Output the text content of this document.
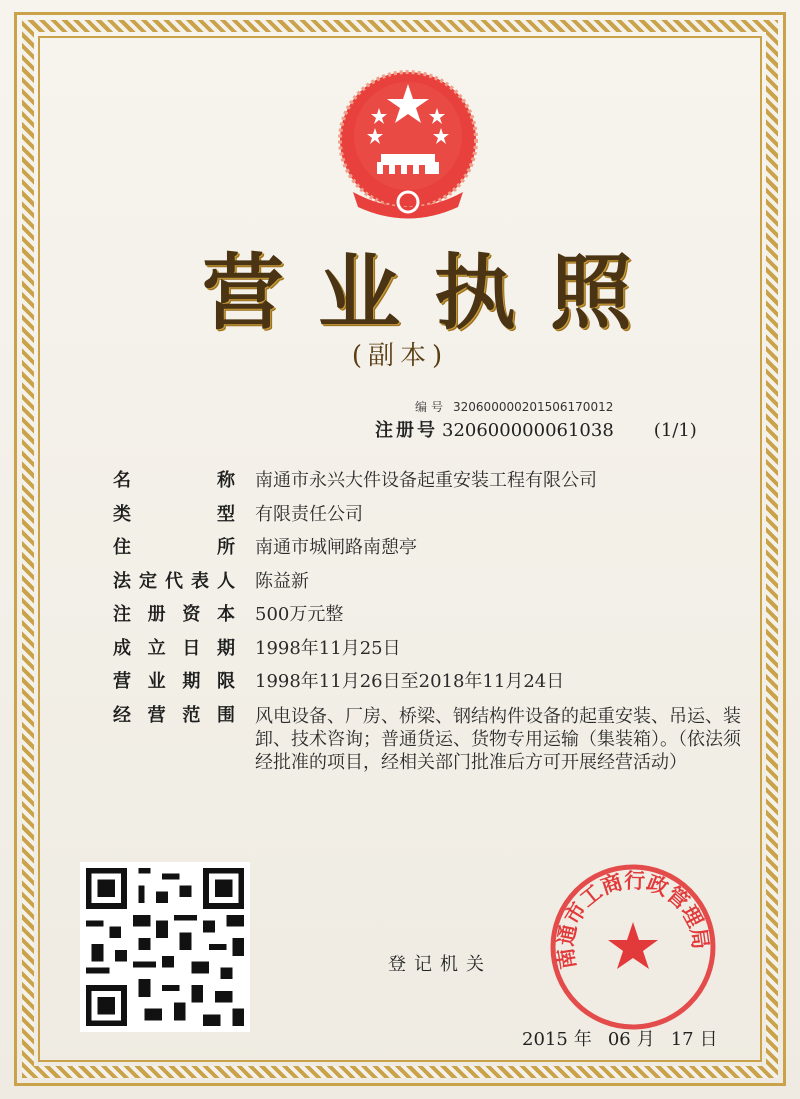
营业执照
(副本)
编号 320600000201506170012
注册号 320600000061038 (1/1)
名	称 南通市永兴大件设备起重安装工程有限公司
类	型 有限责任公司
住	所 南通市城闸路南憩亭
法 定 代 表 人 陈益新
注 册 资 本 500万元整
成 立 日 期 1998年11月25日
营 业 期 限 1998年11月26日至2018年11月24日
经 营 范 围 风电设备、厂房、桥梁、钢结构件设备的起重安装、吊运、装卸、技术咨询；普通货运、货物专用运输（集装箱）。（依法须经批准的项目，经相关部门批准后方可开展经营活动）
登记机关	南通市工商行政管理局
2015 年 06 月 17 日
